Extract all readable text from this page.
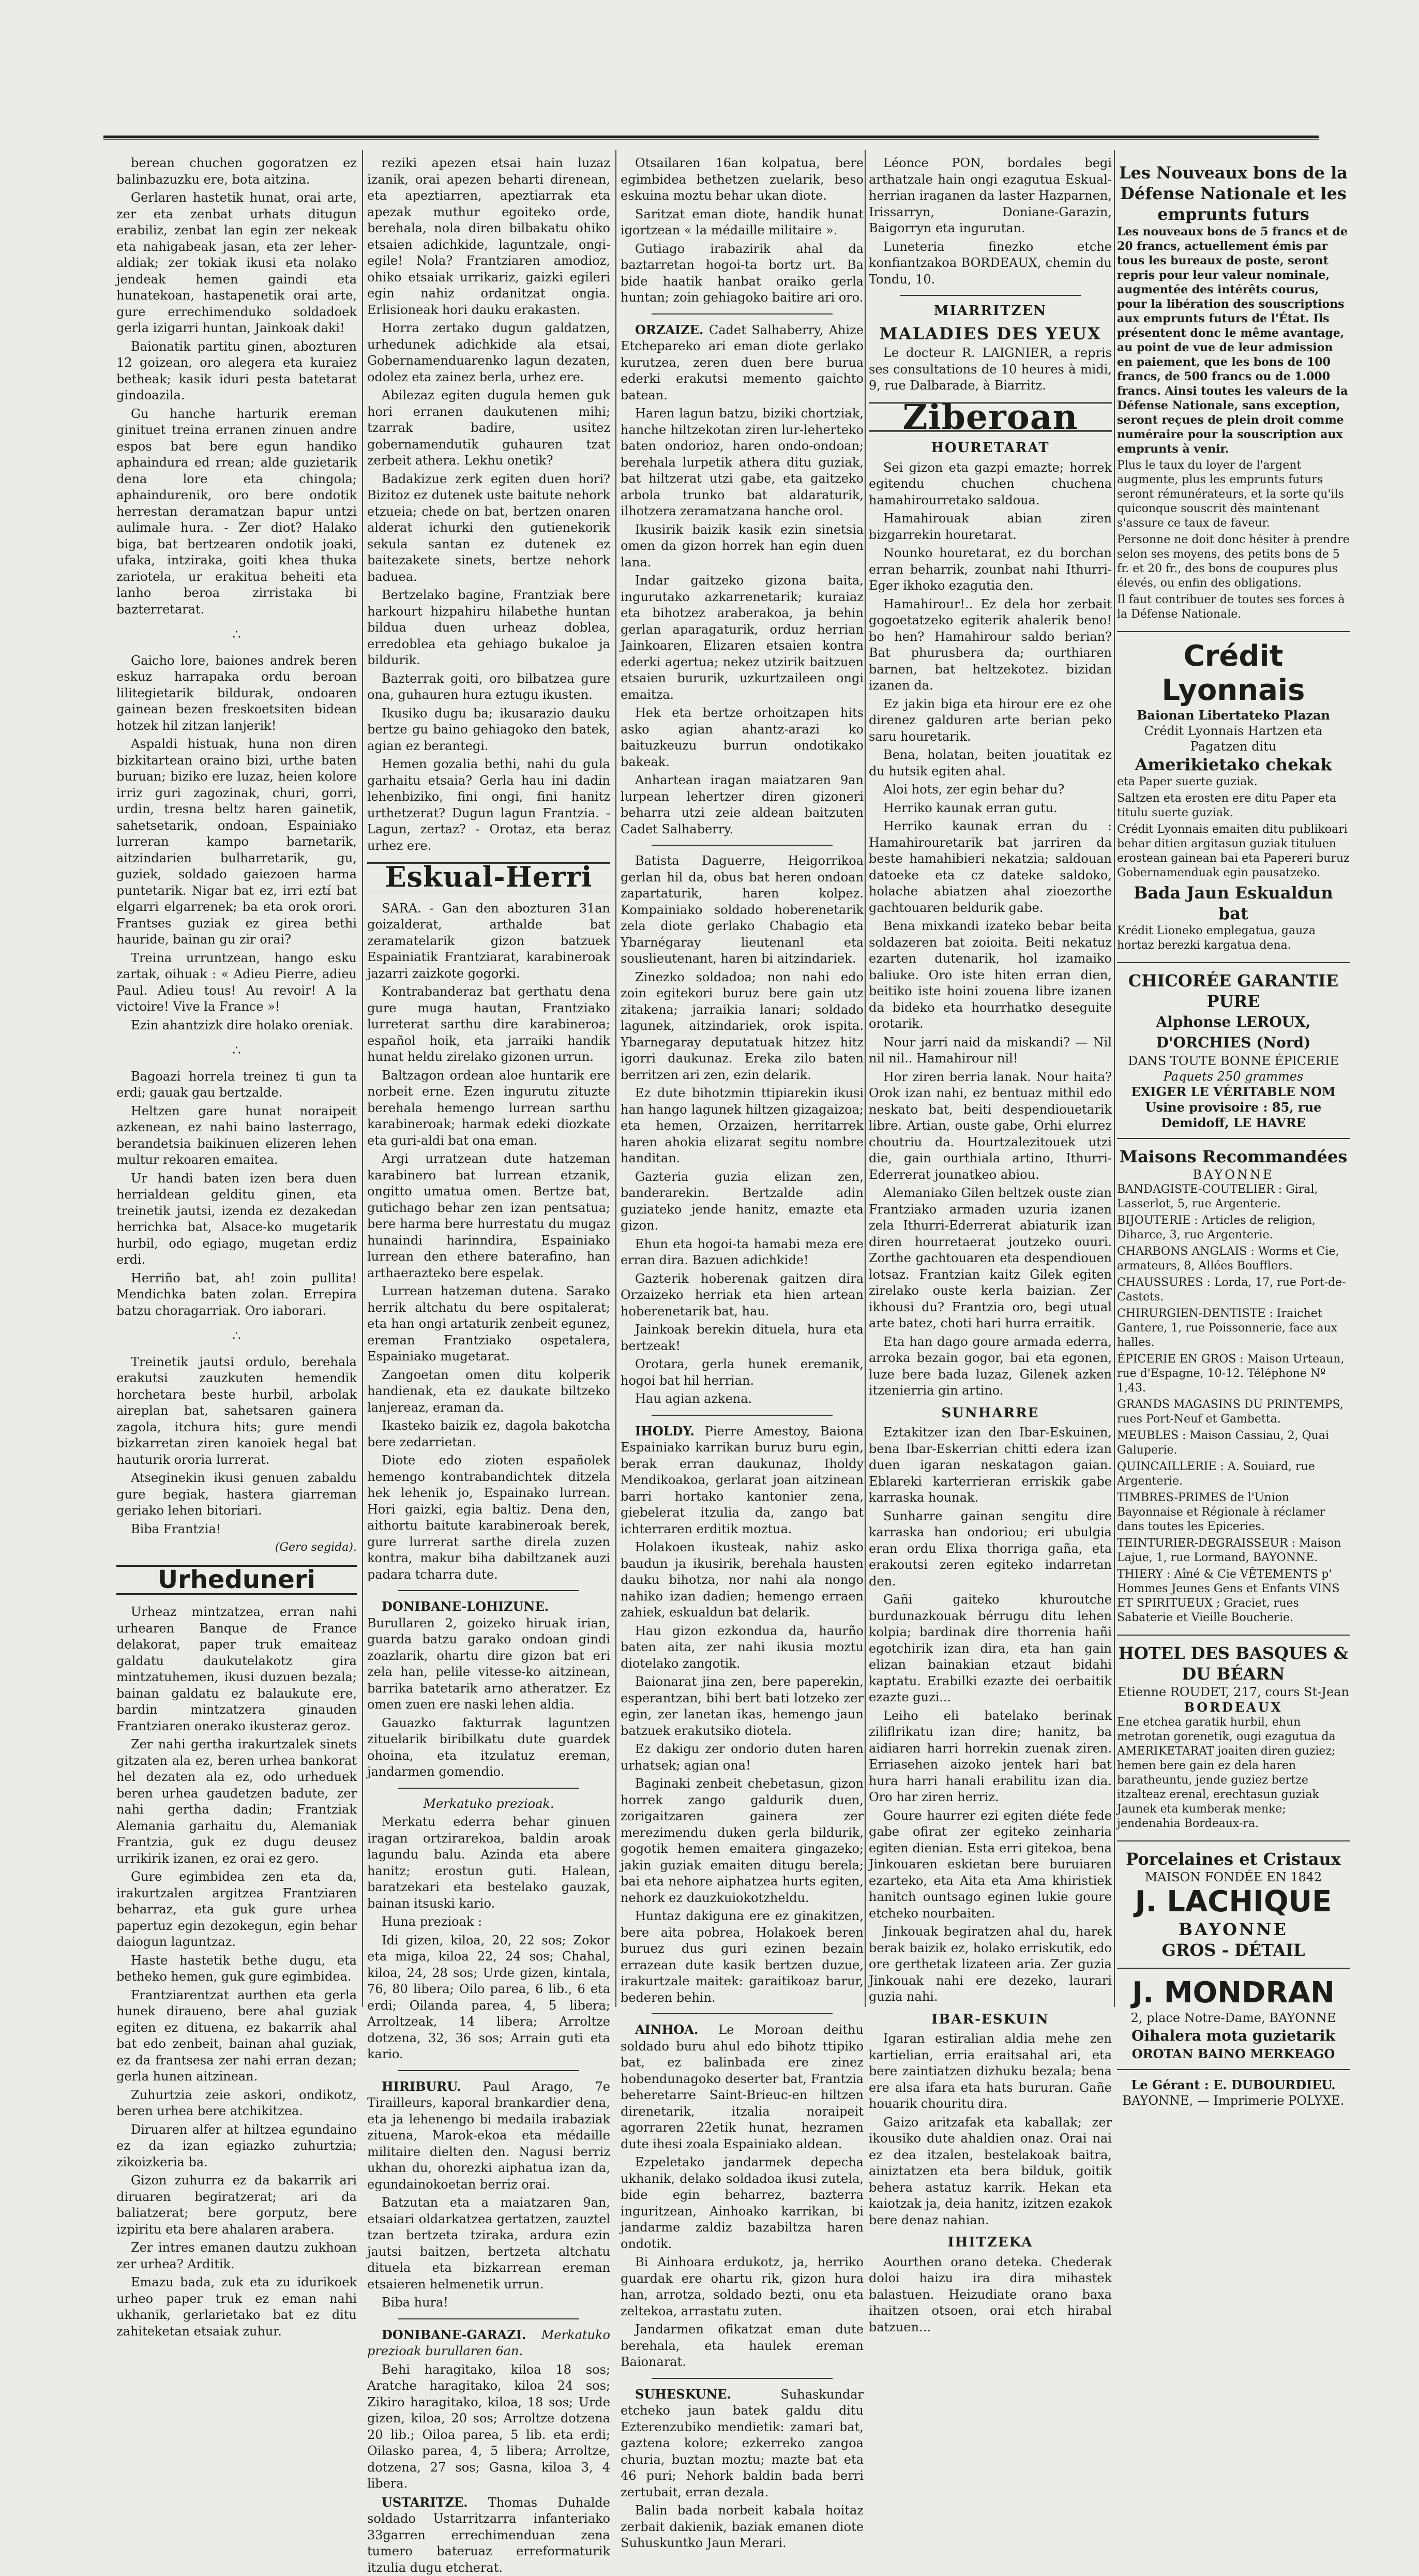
berean chuchen gogoratzen ez balinbazuzku ere, bota aitzina.

Gerlaren hastetik hunat, orai arte, zer eta zenbat urhats ditugun erabiliz, zenbat lan egin zer nekeak eta nahigabeak jasan, eta zer leher-aldiak; zer tokiak ikusi eta nolako jendeak hemen gaindi eta hunatekoan, hastapenetik orai arte, gure errechimenduko soldadoek gerla izigarri huntan, Jainkoak daki!

Baionatik partitu ginen, abozturen 12 goizean, oro alegera eta kuraiez betheak; kasik iduri pesta batetarat gindoazila.

Gu hanche harturik ereman ginituet treina erranen zinuen andre espos bat bere egun handiko aphaindura ed rrean; alde guzietarik dena lore eta chingola; aphaindurenik, oro bere ondotik herrestan deramatzan bapur untzi aulimale hura. - Zer diot? Halako biga, bat bertzearen ondotik joaki, ufaka, intziraka, goiti khea thuka zariotela, ur erakitua beheiti eta lanho beroa zirristaka bi bazterretarat.

∴

Gaicho lore, baiones andrek beren eskuz harrapaka ordu beroan lilitegietarik bildurak, ondoaren gainean bezen freskoetsiten bidean hotzek hil zitzan lanjerik!

Aspaldi histuak, huna non diren bizkitartean oraino bizi, urthe baten buruan; biziko ere luzaz, heien kolore irriz guri zagozinak, churi, gorri, urdin, tresna beltz haren gainetik, sahetsetarik, ondoan, Espainiako lurreran kampo barnetarik, aitzindarien bulharretarik, gu, guziek, soldado gaiezoen harma puntetarik. Nigar bat ez, irri eztí bat elgarri elgarrenek; ba eta orok orori. Frantses guziak ez girea bethi hauride, bainan gu zir orai?

Treina urruntzean, hango esku zartak, oihuak : « Adieu Pierre, adieu Paul. Adieu tous! Au revoir! A la victoire! Vive la France »!

Ezin ahantzizk dire holako oreniak.

∴

Bagoazi horrela treinez ti gun ta erdi; gauak gau bertzalde.

Heltzen gare hunat noraipeit azkenean, ez nahi baino lasterrago, berandetsia baikinuen elizeren lehen multur rekoaren emaitea.

Ur handi baten izen bera duen herrialdean gelditu ginen, eta treinetik jautsi, izenda ez dezakedan herrichka bat, Alsace-ko mugetarik hurbil, odo egiago, mugetan erdiz erdi.

Herriño bat, ah! zoin pullita! Mendichka baten zolan. Errepira batzu choragarriak. Oro iaborari.

∴

Treinetik jautsi ordulo, berehala erakutsi zauzkuten hemendik horchetara beste hurbil, arbolak aireplan bat, sahetsaren gainera zagola, itchura hits; gure mendi bizkarretan ziren kanoiek hegal bat hauturik ororia lurrerat.

Atseginekin ikusi genuen zabaldu gure begiak, hastera giarreman geriako lehen bitoriari.

Biba Frantzia!

(Gero segida).
Urheduneri

Urheaz mintzatzea, erran nahi urhearen Banque de France delakorat, paper truk emaiteaz galdatu daukutelakotz gira mintzatuhemen, ikusi duzuen bezala; bainan galdatu ez balaukute ere, bardin mintzatzera ginauden Frantziaren onerako ikusteraz geroz.

Zer nahi gertha irakurtzalek sinets gitzaten ala ez, beren urhea bankorat hel dezaten ala ez, odo urheduek beren urhea gaudetzen badute, zer nahi gertha dadin; Frantziak Alemania garhaitu du, Alemaniak Frantzia, guk ez dugu deusez urrikirik izanen, ez orai ez gero.

Gure egimbidea zen eta da, irakurtzalen argitzea Frantziaren beharraz, eta guk gure urhea papertuz egin dezokegun, egin behar daiogun laguntzaz.

Haste hastetik bethe dugu, eta betheko hemen, guk gure egimbidea.

Frantziarentzat aurthen eta gerla hunek diraueno, bere ahal guziak egiten ez dituena, ez bakarrik ahal bat edo zenbeit, bainan ahal guziak, ez da frantsesa zer nahi erran dezan; gerla hunen aitzinean.

Zuhurtzia zeie askori, ondikotz, beren urhea bere atchikitzea.

Diruaren alfer at hiltzea egundaino ez da izan egiazko zuhurtzia; zikoizkeria ba.

Gizon zuhurra ez da bakarrik ari diruaren begiratzerat; ari da baliatzerat; bere gorputz, bere izpiritu eta bere ahalaren arabera.

Zer intres emanen dautzu zukhoan zer urhea? Arditik.

Emazu bada, zuk eta zu idurikoek urheo paper truk ez eman nahi ukhanik, gerlarietako bat ez ditu zahiteketan etsaiak zuhur.

reziki apezen etsai hain luzaz izanik, orai apezen beharti direnean, eta apeztiarren, apeztiarrak eta apezak muthur egoiteko orde, berehala, nola diren bilbakatu ohiko etsaien adichkide, laguntzale, ongi-egile! Nola? Frantziaren amodioz, ohiko etsaiak urrikariz, gaizki egileri egin nahiz ordanitzat ongia. Erlisioneak hori dauku erakasten.

Horra zertako dugun galdatzen, urhedunek adichkide ala etsai, Gobernamenduarenko lagun dezaten, odolez eta zainez berla, urhez ere.

Abilezaz egiten dugula hemen guk hori erranen daukutenen mihi; tzarrak badire, usitez gobernamendutik guhauren tzat zerbeit athera. Lekhu onetik?

Badakizue zerk egiten duen hori? Bizitoz ez dutenek uste baitute nehork etzueia; chede on bat, bertzen onaren alderat ichurki den gutienekorik sekula santan ez dutenek ez baitezakete sinets, bertze nehork baduea.

Bertzelako bagine, Frantziak bere harkourt hizpahiru hilabethe huntan bildua duen urheaz doblea, erredoblea eta gehiago bukaloe ja bildurik.

Bazterrak goiti, oro bilbatzea gure ona, guhauren hura eztugu ikusten.

Ikusiko dugu ba; ikusarazio dauku bertze gu baino gehiagoko den batek, agian ez berantegi.

Hemen gozalia bethi, nahi du gula garhaitu etsaia? Gerla hau ini dadin lehenbiziko, fini ongi, fini hanitz urthetzerat? Dugun lagun Frantzia. - Lagun, zertaz? - Orotaz, eta beraz urhez ere.

Eskual-Herri

SARA. - Gan den abozturen 31an goizalderat, arthalde bat zeramatelarik gizon batzuek Espainiatik Frantziarat, karabineroak jazarri zaizkote gogorki.

Kontrabanderaz bat gerthatu dena gure muga hautan, Frantziako lurreterat sarthu dire karabineroa; español hoik, eta jarraiki handik hunat heldu zirelako gizonen urrun.

Baltzagon ordean aloe huntarik ere norbeit erne. Ezen ingurutu zituzte berehala hemengo lurrean sarthu karabineroak; harmak edeki diozkate eta guri-aldi bat ona eman.

Argi urratzean dute hatzeman karabinero bat lurrean etzanik, ongitto umatua omen. Bertze bat, gutichago behar zen izan pentsatua; bere harma bere hurrestatu du mugaz hunaindi harinndira, Espainiako lurrean den ethere baterafino, han arthaerazteko bere espelak.

Lurrean hatzeman dutena. Sarako herrik altchatu du bere ospitalerat; eta han ongi artaturik zenbeit egunez, ereman Frantziako ospetalera, Espainiako mugetarat.

Zangoetan omen ditu kolperik handienak, eta ez daukate biltzeko lanjereaz, eraman da.

Ikasteko baizik ez, dagola bakotcha bere zedarrietan.

Diote edo zioten españolek hemengo kontrabandichtek ditzela hek lehenik jo, Espainako lurrean. Hori gaizki, egia baltiz. Dena den, aithortu baitute karabineroak berek, gure lurrerat sarthe direla zuzen kontra, makur biha dabiltzanek auzi padara tcharra dute.

DONIBANE-LOHIZUNE. Burullaren 2, goizeko hiruak irian, guarda batzu garako ondoan gindi zoazlarik, ohartu dire gizon bat eri zela han, pelile vitesse-ko aitzinean, barrika batetarik arno atheratzer. Ez omen zuen ere naski lehen aldia.

Gauazko fakturrak laguntzen zituelarik biribilkatu dute guardek ohoina, eta itzulatuz ereman, jandarmen gomendio.

Merkatuko prezioak.

Merkatu ederra behar ginuen iragan ortzirarekoa, baldin aroak lagundu balu. Azinda eta abere hanitz; erostun guti. Halean, baratzekari eta bestelako gauzak, bainan itsuski kario.

Huna prezioak :

Idi gizen, kiloa, 20, 22 sos; Zokor eta miga, kiloa 22, 24 sos; Chahal, kiloa, 24, 28 sos; Urde gizen, kintala, 76, 80 libera; Oilo parea, 6 lib., 6 eta erdi; Oilanda parea, 4, 5 libera; Arroltzeak, 14 libera; Arroltze dotzena, 32, 36 sos; Arrain guti eta kario.

HIRIBURU. Paul Arago, 7e Tirailleurs, kaporal brankardier dena, eta ja lehenengo bi medaila irabaziak zituena, Marok-ekoa eta médaille militaire dielten den. Nagusi berriz ukhan du, ohorezki aiphatua izan da, egundainokoetan berriz orai.

Batzutan eta a maiatzaren 9an, etsaiari oldarkatzea gertatzen, zauztel tzan bertzeta tziraka, ardura ezin jautsi baitzen, bertzeta altchatu dituela eta bizkarrean ereman etsaieren helmenetik urrun.

Biba hura!

DONIBANE-GARAZI. Merkatuko prezioak burullaren 6an.

Behi haragitako, kiloa 18 sos; Aratche haragitako, kiloa 24 sos; Zikiro haragitako, kiloa, 18 sos; Urde gizen, kiloa, 20 sos; Arroltze dotzena 20 lib.; Oiloa parea, 5 lib. eta erdi; Oilasko parea, 4, 5 libera; Arroltze, dotzena, 27 sos; Gasna, kiloa 3, 4 libera.

USTARITZE. Thomas Duhalde soldado Ustarritzarra infanteriako 33garren errechimenduan zena tumero bateruaz erreformaturik itzulia dugu etcherat.

Otsailaren 16an kolpatua, bere egimbidea bethetzen zuelarik, beso eskuina moztu behar ukan diote.

Saritzat eman diote, handik hunat igortzean « la médaille militaire ».

Gutiago irabazirik ahal da baztarretan hogoi-ta bortz urt. Ba bide haatik hanbat oraiko gerla huntan; zoin gehiagoko baitire ari oro.

ORZAIZE. Cadet Salhaberry, Ahize Etchepareko ari eman diote gerlako kurutzea, zeren duen bere burua ederki erakutsi memento gaichto batean.

Haren lagun batzu, biziki chortziak, hanche hiltzekotan ziren lur-leherteko baten ondorioz, haren ondo-ondoan; berehala lurpetik athera ditu guziak, bat hiltzerat utzi gabe, eta gaitzeko arbola trunko bat aldaraturik, ilhotzera zeramatzana hanche orol.

Ikusirik baizik kasik ezin sinetsia omen da gizon horrek han egin duen lana.

Indar gaitzeko gizona baita, ingurutako azkarrenetarik; kuraiaz eta bihotzez araberakoa, ja behin gerlan aparagaturik, orduz herrian Jainkoaren, Elizaren etsaien kontra ederki agertua; nekez utzirik baitzuen etsaien bururik, uzkurtzaileen ongi emaitza.

Hek eta bertze orhoitzapen hits asko agian ahantz-arazi ko baituzkeuzu burrun ondotikako bakeak.

Anhartean iragan maiatzaren 9an lurpean lehertzer diren gizoneri beharra utzi zeie aldean baitzuten Cadet Salhaberry.

Batista Daguerre, Heigorrikoa gerlan hil da, obus bat heren ondoan zapartaturik, haren kolpez. Kompainiako soldado hoberenetarik zela diote gerlako Chabagio eta Ybarnégaray lieutenanl eta souslieutenant, haren bi aitzindariek.

Zinezko soldadoa; non nahi edo zoin egitekori buruz bere gain utz zitakena; jarraikia lanari; soldado lagunek, aitzindariek, orok ispita. Ybarnegaray deputatuak hitzez hitz igorri daukunaz. Ereka zilo baten berritzen ari zen, ezin delarik.

Ez dute bihotzmin ttipiarekin ikusi han hango lagunek hiltzen gizagaizoa; eta hemen, Orzaizen, herritarrek haren ahokia elizarat segitu nombre handitan.

Gazteria guzia elizan zen, banderarekin. Bertzalde adin guziateko jende hanitz, emazte eta gizon.

Ehun eta hogoi-ta hamabi meza ere erran dira. Bazuen adichkide!

Gazterik hoberenak gaitzen dira Orzaizeko herriak eta hien artean hoberenetarik bat, hau.

Jainkoak berekin dituela, hura eta bertzeak!

Orotara, gerla hunek eremanik, hogoi bat hil herrian.

Hau agian azkena.

IHOLDY. Pierre Amestoy, Baiona Espainiako karrikan buruz buru egin, berak erran daukunaz, Iholdy Mendikoakoa, gerlarat joan aitzinean barri hortako kantonier zena, giebelerat itzulia da, zango bat ichterraren erditik moztua.

Holakoen ikusteak, nahiz asko baudun ja ikusirik, berehala hausten dauku bihotza, nor nahi ala nongo nahiko izan dadien; hemengo erraen zahiek, eskualdun bat delarik.

Hau gizon ezkondua da, haurño baten aita, zer nahi ikusia moztu diotelako zangotik.

Baionarat jina zen, bere paperekin, esperantzan, bihi bert bati lotzeko zer egin, zer lanetan ikas, hemengo jaun batzuek erakutsiko diotela.

Ez dakigu zer ondorio duten haren urhatsek; agian ona!

Baginaki zenbeit chebetasun, gizon horrek zango galdurik duen, zorigaitzaren gainera zer merezimendu duken gerla bildurik, gogotik hemen emaitera gingazeko; jakin guziak emaiten ditugu berela; bai eta nehore aiphatzea hurts egiten, nehork ez dauzkuiokotzheldu.

Huntaz dakiguna ere ez ginakitzen, bere aita pobrea, Holakoek beren buruez dus guri ezinen bezain errazean dute kasik bertzen duzue, irakurtzale maitek: garaitikoaz barur, bederen behin.

AINHOA. Le Moroan deithu soldado buru ahul edo bihotz ttipiko bat, ez balinbada ere zinez hobendunagoko deserter bat, Frantzia beheretarre Saint-Brieuc-en hiltzen direnetarik, itzalia noraipeit agorraren 22etik hunat, hezramen dute ihesi zoala Espainiako aldean.

Ezpeletako jandarmek depecha ukhanik, delako soldadoa ikusi zutela, bide egin beharrez, bazterra inguritzean, Ainhoako karrikan, bi jandarme zaldiz bazabiltza haren ondotik.

Bi Ainhoara erdukotz, ja, herriko guardak ere ohartu rik, gizon hura han, arrotza, soldado bezti, onu eta zeltekoa, arrastatu zuten.

Jandarmen ofikatzat eman dute berehala, eta haulek ereman Baionarat.

SUHESKUNE.	Suhaskundar etcheko jaun batek galdu ditu Ezterenzubiko mendietik: zamari bat, gaztena kolore; ezkerreko zangoa churia, buztan moztu; mazte bat eta 46 puri; Nehork baldin bada berri zertubait, erran dezala.

Balin bada norbeit kabala hoitaz zerbait dakienik, baziak emanen diote Suhuskuntko Jaun Merari.

Léonce PON, bordales begi arthatzale hain ongi ezagutua Eskual-herrian iraganen da laster Hazparnen, Irissarryn, Doniane-Garazin, Baigorryn eta ingurutan.

Luneteria finezko etche konfiantzakoa BORDEAUX, chemin du Tondu, 10.

MIARRITZEN
MALADIES DES YEUX

Le docteur R. LAIGNIER, a repris ses consultations de 10 heures à midi, 9, rue Dalbarade, à Biarritz.

Ziberoan
HOURETARAT

Sei gizon eta gazpi emazte; horrek egitendu chuchen chuchena hamahirourretako saldoua.

Hamahirouak abian ziren bizgarrekin houretarat.

Nounko houretarat, ez du borchan erran beharrik, zounbat nahi Ithurri-Eger ikhoko ezagutia den.

Hamahirour!.. Ez dela hor zerbait gogoetatzeko egiterik ahalerik beno! bo hen? Hamahirour saldo berian? Bat phurusbera da; ourthiaren barnen, bat heltzekotez. bizidan izanen da.

Ez jakin biga eta hirour ere ez ohe direnez galduren arte berian peko saru houretarik.

Bena, holatan, beiten jouatitak ez du hutsik egiten ahal.

Aloi hots, zer egin behar du?

Herriko kaunak erran gutu.

Herriko kaunak erran du : Hamahirouretarik bat jarriren da beste hamahibieri nekatzia; saldouan datoeke eta cz dateke saldoko, holache abiatzen ahal zioezorthe gachtouaren beldurik gabe.

Bena mixkandi izateko bebar beita soldazeren bat zoioita. Beiti nekatuz ezarten dutenarik, hol izamaiko baliuke. Oro iste hiten erran dien, beitiko iste hoini zouena libre izanen da bideko eta hourrhatko deseguite orotarik.

Nour jarri naid da miskandi? — Nil nil nil.. Hamahirour nil!

Hor ziren berria lanak. Nour haita? Orok izan nahi, ez bentuaz mithil edo neskato bat, beiti despendiouetarik libre. Artian, ouste gabe, Orhi elurrez choutriu da. Hourtzalezitouek utzi die, gain ourthiala artino, Ithurri-Ederrerat jounatkeo abiou.

Alemaniako Gilen beltzek ouste zian Frantziako armaden uzuria izanen zela Ithurri-Ederrerat abiaturik izan diren hourretaerat joutzeko ouuri. Zorthe gachtouaren eta despendiouen lotsaz. Frantzian kaitz Gilek egiten zirelako ouste kerla baizian. Zer ikhousi du? Frantzia oro, begi utual arte batez, choti hari hurra erraitik.

Eta han dago goure armada ederra, arroka bezain gogor, bai eta egonen, luze bere bada luzaz, Gilenek azken itzenierria gin artino.

SUNHARRE

Eztakitzer izan den Ibar-Eskuinen, bena Ibar-Eskerrian chitti edera izan duen igaran neskatagon gaian. Eblareki karterrieran erriskik gabe karraska hounak.

Sunharre gainan sengitu dire karraska han ondoriou; eri ubulgia eran ordu Elixa thorriga gaña, eta erakoutsi zeren egiteko indarretan den.

Gañi gaiteko khuroutche burdunazkouak bérrugu ditu lehen kolpia; bardinak dire thorrenia hañi egotchirik izan dira, eta han gain elizan bainakian etzaut bidahi kaptatu. Erabilki ezazte dei oerbaitik ezazte guzi...

Leiho eli batelako berinak ziliflrikatu izan dire; hanitz, ba aidiaren harri horrekin zuenak ziren. Erriasehen aizoko jentek hari bat hura harri hanali erabilitu izan dia. Oro har ziren herriz.

Goure haurrer ezi egiten diéte fede gabe ofirat zer egiteko zeinharia egiten dienian. Esta erri gitekoa, bena Jinkouaren eskietan bere buruiaren ezarteko, eta Aita eta Ama khiristiek hanitch ountsago eginen lukie goure etcheko nourbaiten.

Jinkouak begiratzen ahal du, harek berak baizik ez, holako erriskutik, edo ore gerthetak lizateen aria. Zer guzia Jinkouak nahi ere dezeko, laurari guzia nahi.

IBAR-ESKUIN

Igaran estiralian aldia mehe zen kartielian, erria eraitsahal ari, eta bere zaintiatzen dizhuku bezala; bena ere alsa ifara eta hats bururan. Gañe houarik chouritu dira.

Gaizo aritzafak eta kaballak; zer ikousiko dute ahaldien onaz. Orai nai ez dea itzalen, bestelakoak baitra, ainiztatzen eta bera bilduk, goitik behera astatuz karrik. Hekan eta kaiotzak ja, deia hanitz, izitzen ezakok bere denaz nahian.

IHITZEKA

Aourthen orano deteka. Chederak doloi haizu ira dira mihastek balastuen. Heizudiate orano baxa ihaitzen otsoen, orai etch hirabal batzuen...

Les Nouveaux bons de la Défense Nationale et les emprunts futurs

Les nouveaux bons de 5 francs et de 20 francs, actuellement émis par tous les bureaux de poste, seront repris pour leur valeur nominale, augmentée des intérêts courus, pour la libération des souscriptions aux emprunts futurs de l'État. Ils présentent donc le même avantage, au point de vue de leur admission en paiement, que les bons de 100 francs, de 500 francs ou de 1.000 francs. Ainsi toutes les valeurs de la Défense Nationale, sans exception, seront reçues de plein droit comme numéraire pour la souscription aux emprunts à venir.

Plus le taux du loyer de l'argent augmente, plus les emprunts futurs seront rémunérateurs, et la sorte qu'ils quiconque souscrit dès maintenant s'assure ce taux de faveur.

Personne ne doit donc hésiter à prendre selon ses moyens, des petits bons de 5 fr. et 20 fr., des bons de coupures plus élevés, ou enfin des obligations.

Il faut contribuer de toutes ses forces à la Défense Nationale.

Crédit Lyonnais
Baionan Libertateko Plazan
Crédit Lyonnais Hartzen eta Pagatzen ditu
Amerikietako chekak

eta Paper suerte guziak.

Saltzen eta erosten ere ditu Paper eta titulu suerte guziak.

Crédit Lyonnais emaiten ditu publikoari behar ditien argitasun guziak tituluen erostean gainean bai eta Papereri buruz Gobernamenduak egin pausatzeko.

Bada Jaun Eskualdun bat

Krédit Lioneko emplegatua, gauza hortaz berezki kargatua dena.

CHICORÉE GARANTIE PURE
Alphonse LEROUX, D'ORCHIES (Nord)
DANS TOUTE BONNE ÉPICERIE
Paquets 250 grammes
EXIGER LE VÉRITABLE NOM
Usine provisoire : 85, rue Demidoff, LE HAVRE
Maisons Recommandées
BAYONNE

BANDAGISTE-COUTELIER : Giral, Lasserlot, 5, rue Argenterie.

BIJOUTERIE : Articles de religion, Diharce, 3, rue Argenterie.

CHARBONS ANGLAIS : Worms et Cie, armateurs, 8, Allées Boufflers.

CHAUSSURES : Lorda, 17, rue Port-de-Castets.

CHIRURGIEN-DENTISTE : Iraichet Gantere, 1, rue Poissonnerie, face aux halles.

ÉPICERIE EN GROS : Maison Urteaun, rue d'Espagne, 10-12. Téléphone Nº 1,43.

GRANDS MAGASINS DU PRINTEMPS, rues Port-Neuf et Gambetta.

MEUBLES : Maison Cassiau, 2, Quai Galuperie.

QUINCAILLERIE : A. Souiard, rue Argenterie.

TIMBRES-PRIMES de l'Union Bayonnaise et Régionale à réclamer dans toutes les Epiceries.

TEINTURIER-DEGRAISSEUR : Maison Lajue, 1, rue Lormand, BAYONNE.

THIERY : Aîné & Cie VÊTEMENTS p' Hommes Jeunes Gens et Enfants VINS ET SPIRITUEUX ; Graciet, rues Sabaterie et Vieille Boucherie.

HOTEL DES BASQUES & DU BÉARN
Etienne ROUDET, 217, cours St-Jean
BORDEAUX

Ene etchea garatik hurbil, ehun metrotan gorenetik, ougi ezagutua da AMERIKETARAT joaiten diren guziez; hemen bere gain ez dela haren baratheuntu, jende guziez bertze itzalteaz erenal, erechtasun guziak Jaunek eta kumberak menke; jendenahia Bordeaux-ra.

Porcelaines et Cristaux
MAISON FONDÉE EN 1842
J. LACHIQUE
BAYONNE
GROS - DÉTAIL
J. MONDRAN
2, place Notre-Dame, BAYONNE
Oihalera mota guzietarik
OROTAN BAINO MERKEAGO
Le Gérant : E. DUBOURDIEU.
BAYONNE, — Imprimerie POLYXE.
